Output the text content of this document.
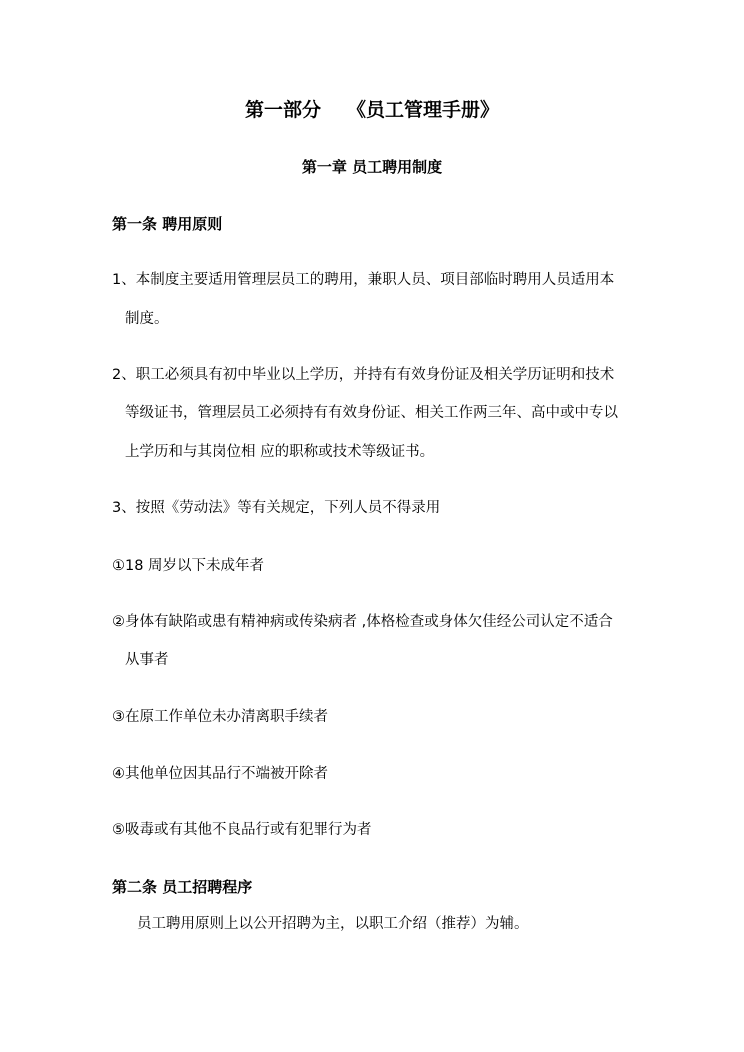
第一部分 《员工管理手册》
第一章 员工聘用制度
第一条 聘用原则
1、本制度主要适用管理层员工的聘用，兼职人员、项目部临时聘用人员适用本
制度。
2、职工必须具有初中毕业以上学历，并持有有效身份证及相关学历证明和技术
等级证书，管理层员工必须持有有效身份证、相关工作两三年、高中或中专以
上学历和与其岗位相 应的职称或技术等级证书。
3、按照《劳动法》等有关规定，下列人员不得录用
①18 周岁以下未成年者
②身体有缺陷或患有精神病或传染病者 ,体格检查或身体欠佳经公司认定不适合
从事者
③在原工作单位未办清离职手续者
④其他单位因其品行不端被开除者
⑤吸毒或有其他不良品行或有犯罪行为者
第二条 员工招聘程序
员工聘用原则上以公开招聘为主，以职工介绍（推荐）为辅。
